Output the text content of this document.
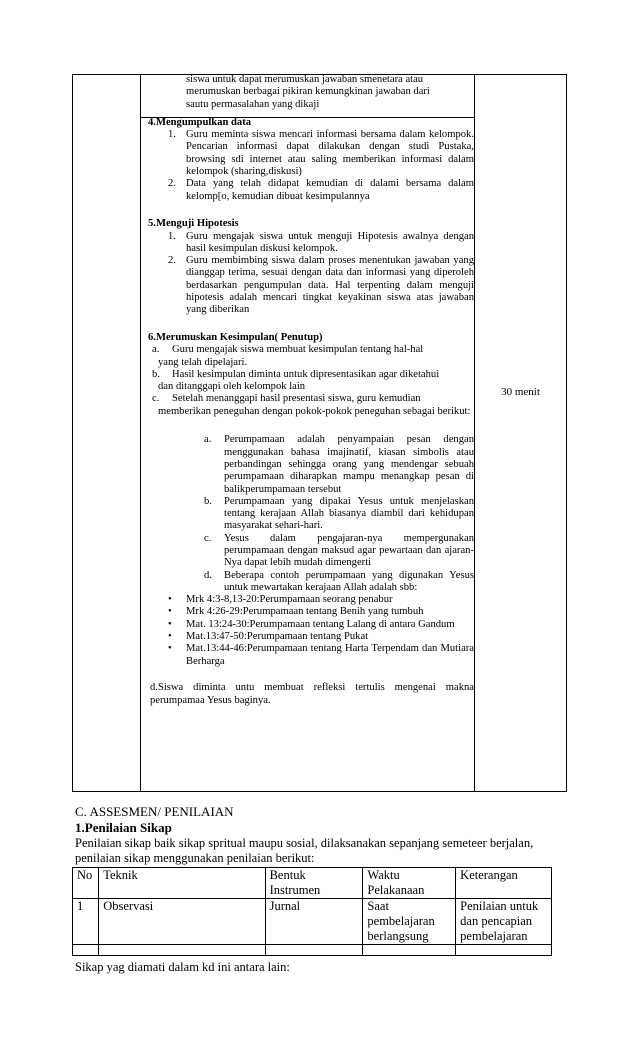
siswa untuk dapat merumuskan jawaban smenetara atau

merumuskan berbagai pikiran kemungkinan jawaban dari

sautu permasalahan yang dikaji

4.Mengumpulkan data

1. Guru meminta siswa mencari informasi bersama dalam kelompok. Pencarian informasi dapat dilakukan dengan studi Pustaka, browsing sdi internet atau saling memberikan informasi dalam kelompok (sharing,diskusi)
2. Data yang telah didapat kemudian di dalami bersama dalam kelomp[o, kemudian dibuat kesimpulannya

5.Menguji Hipotesis

1. Guru mengajak siswa untuk menguji Hipotesis awalnya dengan hasil kesimpulan diskusi kelompok.
2. Guru membimbing siswa dalam proses menentukan jawaban yang dianggap terima, sesuai dengan data dan informasi yang diperoleh berdasarkan pengumpulan data. Hal terpenting dalam menguji hipotesis adalah mencari tingkat keyakinan siswa atas jawaban yang diberikan

6.Merumuskan Kesimpulan( Penutup)

a. Guru mengajak siswa membuat kesimpulan tentang hal-hal
yang telah dipelajari.
b. Hasil kesimpulan diminta untuk dipresentasikan agar diketahui
dan ditanggapi oleh kelompok lain
c. Setelah menanggapi hasil presentasi siswa, guru kemudian
memberikan peneguhan dengan pokok-pokok peneguhan sebagai berikut:
a. Perumpamaan adalah penyampaian pesan dengan menggunakan bahasa imajinatif, kiasan simbolis atau perbandingan sehingga orang yang mendengar sebuah perumpamaan diharapkan mampu menangkap pesan di balikperumpamaan tersebut
b. Perumpamaan yang dipakai Yesus untuk menjelaskan tentang kerajaan Allah biasanya diambil dari kehidupan masyarakat sehari-hari.
c. Yesus dalam pengajaran-nya mempergunakan perumpamaan dengan maksud agar pewartaan dan ajaran-Nya dapat lebih mudah dimengerti
d. Beberapa contoh perumpamaan yang digunakan Yesus untuk mewartakan kerajaan Allah adalah sbb:
• Mrk 4:3-8,13-20:Perumpamaan seorang penabur
• Mrk 4:26-29:Perumpamaan tentang Benih yang tumbuh
• Mat. 13:24-30:Perumpamaan tentang Lalang di antara Gandum
• Mat.13:47-50:Perumpamaan tentang Pukat
• Mat.13:44-46:Perumpamaan tentang Harta Terpendam dan Mutiara Berharga

d.Siswa diminta untu membuat refleksi tertulis mengenai makna perumpamaa Yesus baginya.

30 menit
C. ASSESMEN/ PENILAIAN
1.Penilaian Sikap
Penilaian sikap baik sikap spritual maupu sosial, dilaksanakan sepanjang semeteer berjalan,
penilaian sikap menggunakan penilaian berikut:
No	Teknik	Bentuk Instrumen	Waktu Pelakanaan	Keterangan
1	Observasi	Jurnal	Saat pembelajaran berlangsung	Penilaian untuk dan pencapian pembelajaran

Sikap yag diamati dalam kd ini antara lain:
